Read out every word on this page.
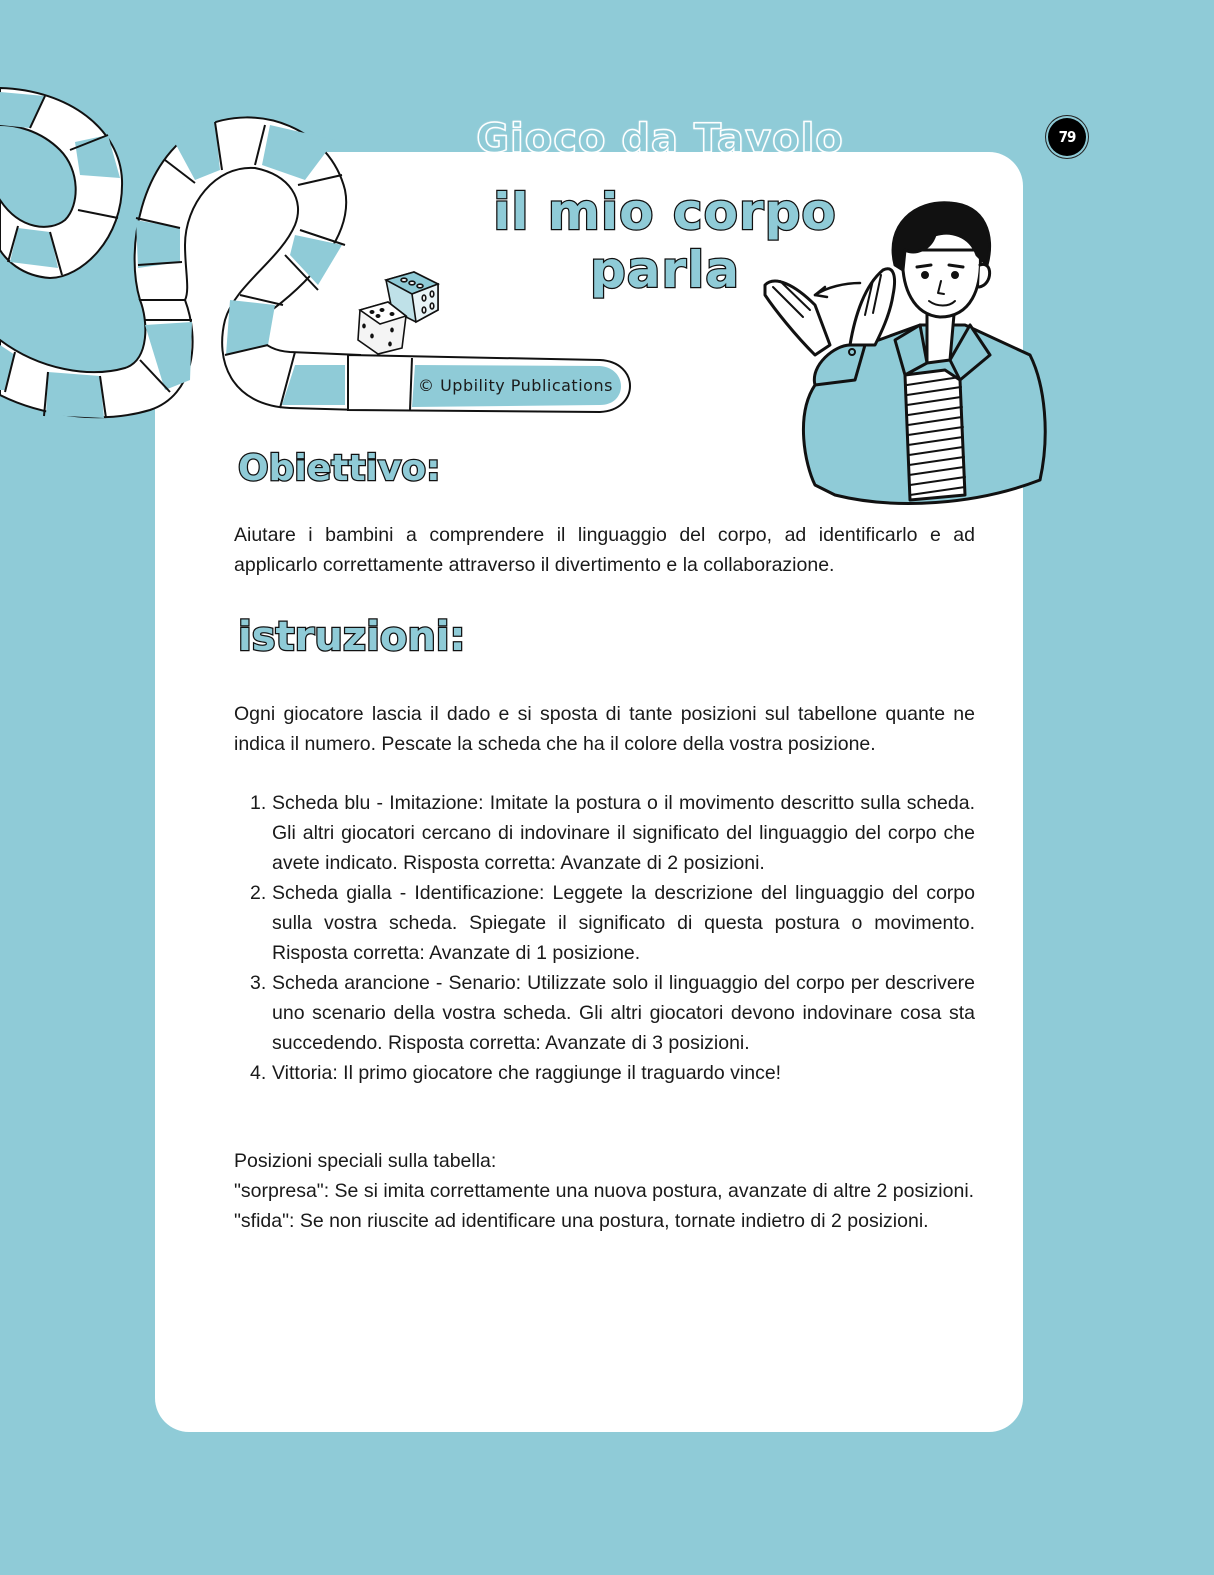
© Upbility Publications
79
Gioco da Tavolo
il mio corpo parla
Obiettivo:
Aiutare i bambini a comprendere il linguaggio del corpo, ad identificarlo e ad applicarlo correttamente attraverso il divertimento e la collaborazione.
istruzioni:
Ogni giocatore lascia il dado e si sposta di tante posizioni sul tabellone quante ne indica il numero. Pescate la scheda che ha il colore della vostra posizione.
1. Scheda blu - Imitazione: Imitate la postura o il movimento descritto sulla scheda. Gli altri giocatori cercano di indovinare il significato del linguaggio del corpo che avete indicato. Risposta corretta: Avanzate di 2 posizioni.
2. Scheda gialla - Identificazione: Leggete la descrizione del linguaggio del corpo sulla vostra scheda. Spiegate il significato di questa postura o movimento. Risposta corretta: Avanzate di 1 posizione.
3. Scheda arancione - Senario: Utilizzate solo il linguaggio del corpo per descrivere uno scenario della vostra scheda. Gli altri giocatori devono indovinare cosa sta succedendo. Risposta corretta: Avanzate di 3 posizioni.
4. Vittoria: Il primo giocatore che raggiunge il traguardo vince!
Posizioni speciali sulla tabella:
"sorpresa": Se si imita correttamente una nuova postura, avanzate di altre 2 posizioni.
"sfida": Se non riuscite ad identificare una postura, tornate indietro di 2 posizioni.
